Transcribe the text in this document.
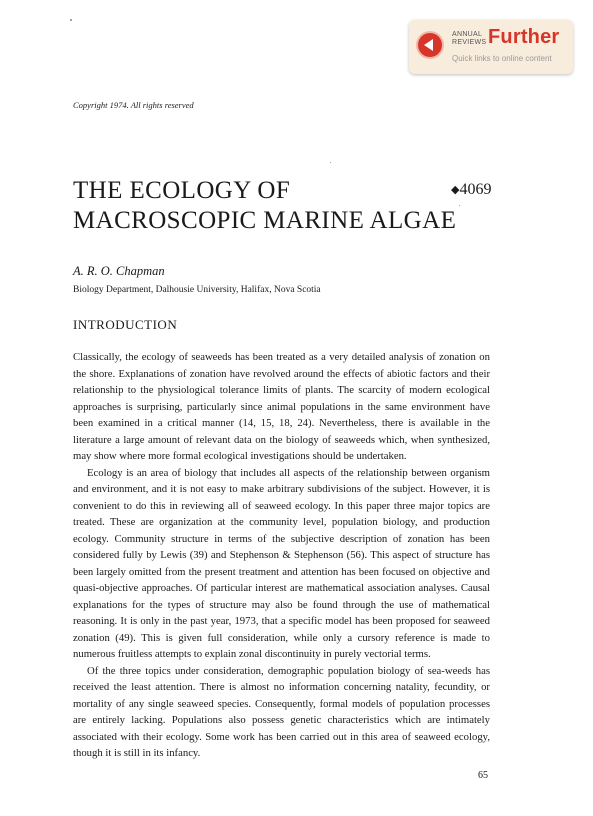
ANNUAL
REVIEWS Further
Quick links to online content
Copyright 1974. All rights reserved
THE ECOLOGY OF
MACROSCOPIC MARINE ALGAE
◆4069
A. R. O. Chapman
Biology Department, Dalhousie University, Halifax, Nova Scotia
INTRODUCTION

Classically, the ecology of seaweeds has been treated as a very detailed analysis of zonation on the shore. Explanations of zonation have revolved around the effects of abiotic factors and their relationship to the physiological tolerance limits of plants. The scarcity of modern ecological approaches is surprising, particularly since animal populations in the same environment have been examined in a critical manner (14, 15, 18, 24). Nevertheless, there is available in the literature a large amount of relevant data on the biology of seaweeds which, when synthesized, may show where more formal ecological investigations should be undertaken.

Ecology is an area of biology that includes all aspects of the relationship between organism and environment, and it is not easy to make arbitrary subdivisions of the subject. However, it is convenient to do this in reviewing all of seaweed ecology. In this paper three major topics are treated. These are organization at the community level, population biology, and production ecology. Community structure in terms of the subjective description of zonation has been considered fully by Lewis (39) and Stephenson & Stephenson (56). This aspect of structure has been largely omitted from the present treatment and attention has been focused on objective and quasi-objective approaches. Of particular interest are mathematical association analyses. Causal explanations for the types of structure may also be found through the use of mathematical reasoning. It is only in the past year, 1973, that a specific model has been proposed for seaweed zonation (49). This is given full consideration, while only a cursory reference is made to numerous fruitless attempts to explain zonal discontinuity in purely vectorial terms.

Of the three topics under consideration, demographic population biology of sea-weeds has received the least attention. There is almost no information concerning natality, fecundity, or mortality of any single seaweed species. Consequently, formal models of population processes are entirely lacking. Populations also possess genetic characteristics which are intimately associated with their ecology. Some work has been carried out in this area of seaweed ecology, though it is still in its infancy.

65
